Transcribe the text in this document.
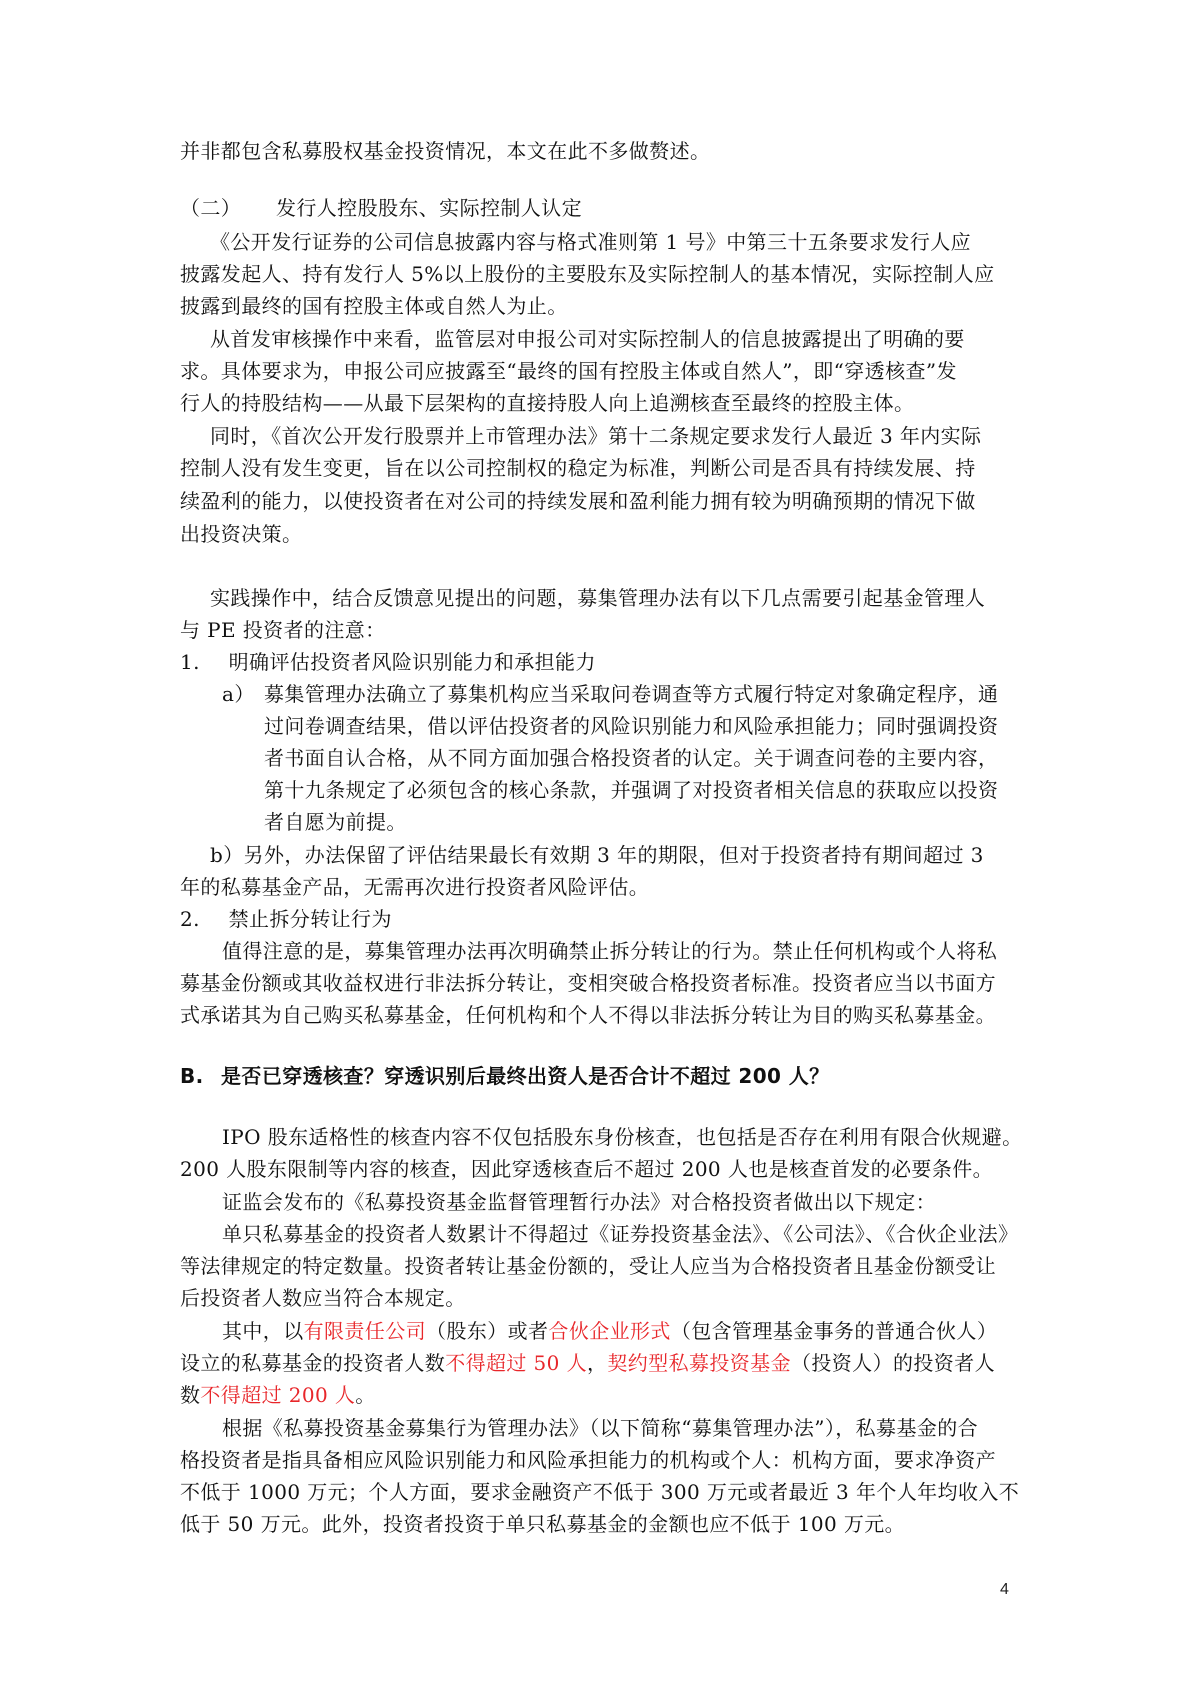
并非都包含私募股权基金投资情况，本文在此不多做赘述。
（二） 发行人控股股东、实际控制人认定
《公开发行证券的公司信息披露内容与格式准则第 1 号》中第三十五条要求发行人应
披露发起人、持有发行人 5%以上股份的主要股东及实际控制人的基本情况，实际控制人应
披露到最终的国有控股主体或自然人为止。
从首发审核操作中来看，监管层对申报公司对实际控制人的信息披露提出了明确的要
求。具体要求为，申报公司应披露至“最终的国有控股主体或自然人”，即“穿透核查”发
行人的持股结构——从最下层架构的直接持股人向上追溯核查至最终的控股主体。
同时，《首次公开发行股票并上市管理办法》第十二条规定要求发行人最近 3 年内实际
控制人没有发生变更，旨在以公司控制权的稳定为标准，判断公司是否具有持续发展、持
续盈利的能力，以使投资者在对公司的持续发展和盈利能力拥有较为明确预期的情况下做
出投资决策。
实践操作中，结合反馈意见提出的问题，募集管理办法有以下几点需要引起基金管理人
与 PE 投资者的注意：
1. 明确评估投资者风险识别能力和承担能力
a） 募集管理办法确立了募集机构应当采取问卷调查等方式履行特定对象确定程序，通
过问卷调查结果，借以评估投资者的风险识别能力和风险承担能力；同时强调投资
者书面自认合格，从不同方面加强合格投资者的认定。关于调查问卷的主要内容，
第十九条规定了必须包含的核心条款，并强调了对投资者相关信息的获取应以投资
者自愿为前提。
b）另外，办法保留了评估结果最长有效期 3 年的期限，但对于投资者持有期间超过 3
年的私募基金产品，无需再次进行投资者风险评估。
2. 禁止拆分转让行为
值得注意的是，募集管理办法再次明确禁止拆分转让的行为。禁止任何机构或个人将私
募基金份额或其收益权进行非法拆分转让，变相突破合格投资者标准。投资者应当以书面方
式承诺其为自己购买私募基金，任何机构和个人不得以非法拆分转让为目的购买私募基金。
B. 是否已穿透核查？穿透识别后最终出资人是否合计不超过 200 人？
IPO 股东适格性的核查内容不仅包括股东身份核查，也包括是否存在利用有限合伙规避。
200 人股东限制等内容的核查，因此穿透核查后不超过 200 人也是核查首发的必要条件。
证监会发布的《私募投资基金监督管理暂行办法》对合格投资者做出以下规定：
单只私募基金的投资者人数累计不得超过《证券投资基金法》、《公司法》、《合伙企业法》
等法律规定的特定数量。投资者转让基金份额的，受让人应当为合格投资者且基金份额受让
后投资者人数应当符合本规定。
其中，以有限责任公司（股东）或者合伙企业形式（包含管理基金事务的普通合伙人）
设立的私募基金的投资者人数不得超过 50 人，契约型私募投资基金（投资人）的投资者人
数不得超过 200 人。
根据《私募投资基金募集行为管理办法》（以下简称“募集管理办法”），私募基金的合
格投资者是指具备相应风险识别能力和风险承担能力的机构或个人：机构方面，要求净资产
不低于 1000 万元；个人方面，要求金融资产不低于 300 万元或者最近 3 年个人年均收入不
低于 50 万元。此外，投资者投资于单只私募基金的金额也应不低于 100 万元。
4
